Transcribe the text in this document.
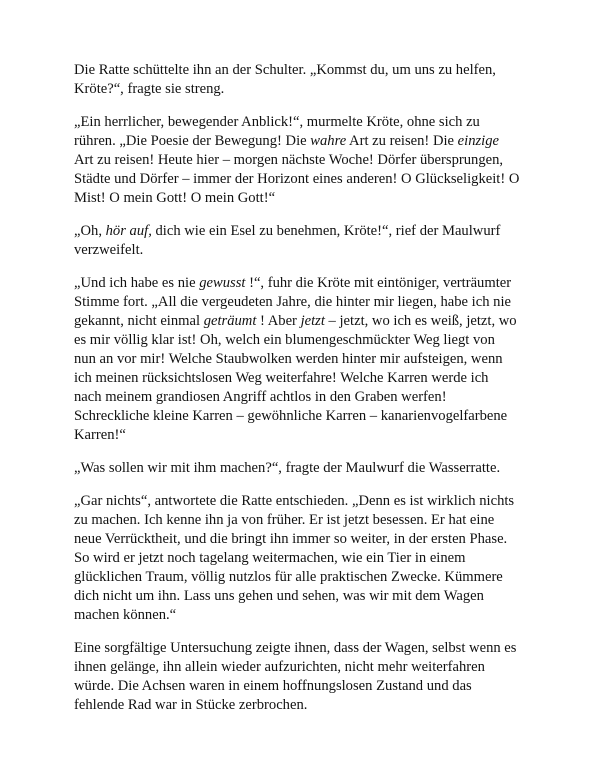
Die Ratte schüttelte ihn an der Schulter. „Kommst du, um uns zu helfen,
Kröte?“, fragte sie streng.

„Ein herrlicher, bewegender Anblick!“, murmelte Kröte, ohne sich zu
rühren. „Die Poesie der Bewegung! Die wahre Art zu reisen! Die einzige
Art zu reisen! Heute hier – morgen nächste Woche! Dörfer übersprungen,
Städte und Dörfer – immer der Horizont eines anderen! O Glückseligkeit! O
Mist! O mein Gott! O mein Gott!“

„Oh, hör auf, dich wie ein Esel zu benehmen, Kröte!“, rief der Maulwurf
verzweifelt.

„Und ich habe es nie gewusst !“, fuhr die Kröte mit eintöniger, verträumter
Stimme fort. „All die vergeudeten Jahre, die hinter mir liegen, habe ich nie
gekannt, nicht einmal geträumt ! Aber jetzt – jetzt, wo ich es weiß, jetzt, wo
es mir völlig klar ist! Oh, welch ein blumengeschmückter Weg liegt von
nun an vor mir! Welche Staubwolken werden hinter mir aufsteigen, wenn
ich meinen rücksichtslosen Weg weiterfahre! Welche Karren werde ich
nach meinem grandiosen Angriff achtlos in den Graben werfen!
Schreckliche kleine Karren – gewöhnliche Karren – kanarienvogelfarbene
Karren!“

„Was sollen wir mit ihm machen?“, fragte der Maulwurf die Wasserratte.

„Gar nichts“, antwortete die Ratte entschieden. „Denn es ist wirklich nichts
zu machen. Ich kenne ihn ja von früher. Er ist jetzt besessen. Er hat eine
neue Verrücktheit, und die bringt ihn immer so weiter, in der ersten Phase.
So wird er jetzt noch tagelang weitermachen, wie ein Tier in einem
glücklichen Traum, völlig nutzlos für alle praktischen Zwecke. Kümmere
dich nicht um ihn. Lass uns gehen und sehen, was wir mit dem Wagen
machen können.“

Eine sorgfältige Untersuchung zeigte ihnen, dass der Wagen, selbst wenn es
ihnen gelänge, ihn allein wieder aufzurichten, nicht mehr weiterfahren
würde. Die Achsen waren in einem hoffnungslosen Zustand und das
fehlende Rad war in Stücke zerbrochen.
